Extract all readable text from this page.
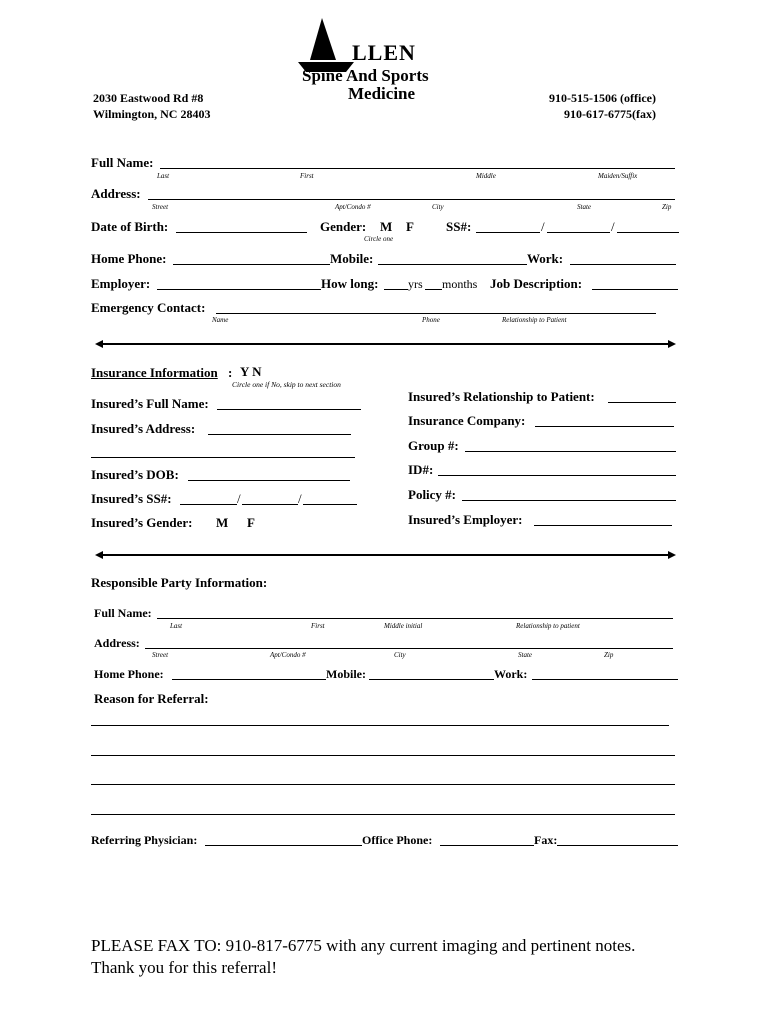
LLEN
Spine And Sports
Medicine
2030 Eastwood Rd #8
Wilmington, NC 28403
910-515-1506 (office)
910-617-6775(fax)
Full Name:
Last	First	Middle	Maiden/Suffix
Address:
Street	Apt/Condo #	City	State	Zip
Date of Birth:	Gender: M F
Circle one
SS#:	/	/
Home Phone:	Mobile:	Work:
Employer:	How long: yrs months Job Description:
Emergency Contact:
Name	Phone	Relationship to Patient
Insurance Information : Y N
Circle one if No, skip to next section
Insured’s Full Name:
Insured’s Address:
Insured’s DOB:
Insured’s SS#:	/	/
Insured’s Gender: M F
Insured’s Relationship to Patient:
Insurance Company:
Group #:
ID#:
Policy #:
Insured’s Employer:
Responsible Party Information:
Full Name:
Last	First	Middle initial	Relationship to patient
Address:
Street	Apt/Condo #	City	State	Zip
Home Phone:	Mobile:	Work:
Reason for Referral:
Referring Physician:	Office Phone:	Fax:
PLEASE FAX TO: 910-817-6775 with any current imaging and pertinent notes.
Thank you for this referral!
